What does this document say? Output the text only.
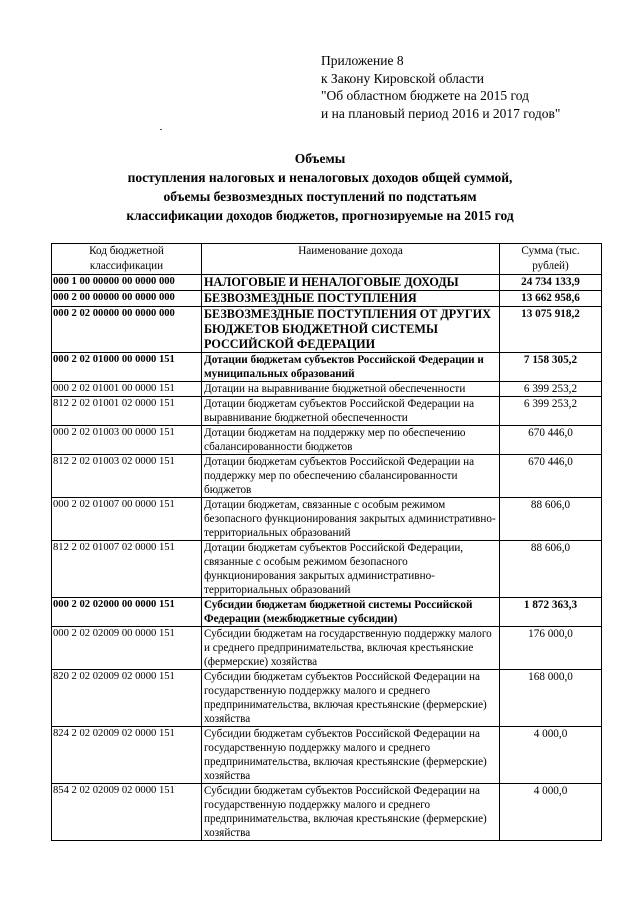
Приложение 8
к Закону Кировской области
"Об областном бюджете на 2015 год
и на плановый период 2016 и 2017 годов"
Объемы
поступления налоговых и неналоговых доходов общей суммой,
объемы безвозмездных поступлений по подстатьям
классификации доходов бюджетов, прогнозируемые на 2015 год
Код бюджетной классификации	Наименование дохода	Сумма (тыс. рублей)
000 1 00 00000 00 0000 000	НАЛОГОВЫЕ И НЕНАЛОГОВЫЕ ДОХОДЫ	24 734 133,9
000 2 00 00000 00 0000 000	БЕЗВОЗМЕЗДНЫЕ ПОСТУПЛЕНИЯ	13 662 958,6
000 2 02 00000 00 0000 000	БЕЗВОЗМЕЗДНЫЕ ПОСТУПЛЕНИЯ ОТ ДРУГИХ БЮДЖЕТОВ БЮДЖЕТНОЙ СИСТЕМЫ РОССИЙСКОЙ ФЕДЕРАЦИИ	13 075 918,2
000 2 02 01000 00 0000 151	Дотации бюджетам субъектов Российской Федерации и муниципальных образований	7 158 305,2
000 2 02 01001 00 0000 151	Дотации на выравнивание бюджетной обеспеченности	6 399 253,2
812 2 02 01001 02 0000 151	Дотации бюджетам субъектов Российской Федерации на выравнивание бюджетной обеспеченности	6 399 253,2
000 2 02 01003 00 0000 151	Дотации бюджетам на поддержку мер по обеспечению сбалансированности бюджетов	670 446,0
812 2 02 01003 02 0000 151	Дотации бюджетам субъектов Российской Федерации на поддержку мер по обеспечению сбалансированности бюджетов	670 446,0
000 2 02 01007 00 0000 151	Дотации бюджетам, связанные с особым режимом безопасного функционирования закрытых административно-территориальных образований	88 606,0
812 2 02 01007 02 0000 151	Дотации бюджетам субъектов Российской Федерации, связанные с особым режимом безопасного функционирования закрытых административно-территориальных образований	88 606,0
000 2 02 02000 00 0000 151	Субсидии бюджетам бюджетной системы Российской Федерации (межбюджетные субсидии)	1 872 363,3
000 2 02 02009 00 0000 151	Субсидии бюджетам на государственную поддержку малого и среднего предпринимательства, включая крестьянские (фермерские) хозяйства	176 000,0
820 2 02 02009 02 0000 151	Субсидии бюджетам субъектов Российской Федерации на государственную поддержку малого и среднего предпринимательства, включая крестьянские (фермерские) хозяйства	168 000,0
824 2 02 02009 02 0000 151	Субсидии бюджетам субъектов Российской Федерации на государственную поддержку малого и среднего предпринимательства, включая крестьянские (фермерские) хозяйства	4 000,0
854 2 02 02009 02 0000 151	Субсидии бюджетам субъектов Российской Федерации на государственную поддержку малого и среднего предпринимательства, включая крестьянские (фермерские) хозяйства	4 000,0
